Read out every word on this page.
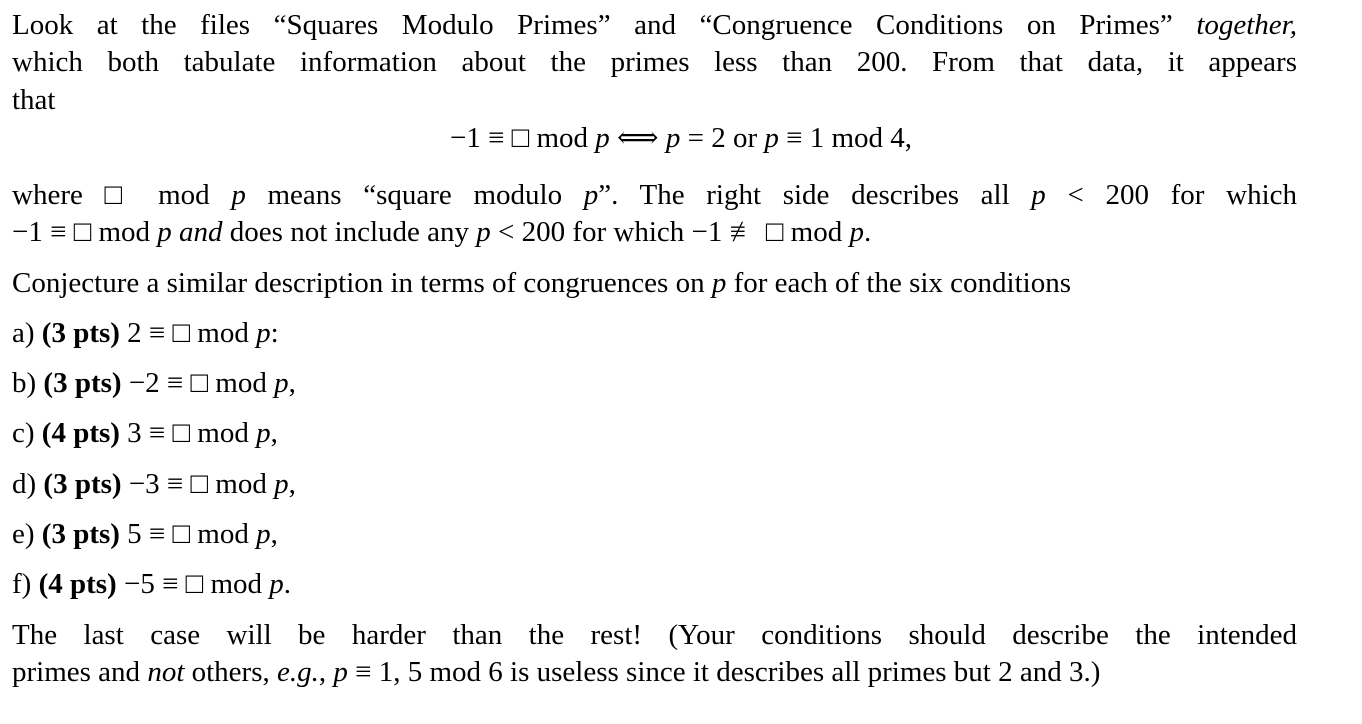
Look at the files “Squares Modulo Primes” and “Congruence Conditions on Primes” together,
which both tabulate information about the primes less than 200. From that data, it appears
that
−1 ≡ □ mod p ⟺ p = 2 or p ≡ 1 mod 4,
where □ mod p means “square modulo p”. The right side describes all p < 200 for which
−1 ≡ □ mod p and does not include any p < 200 for which −1 ≢ □ mod p.
Conjecture a similar description in terms of congruences on p for each of the six conditions
a) (3 pts) 2 ≡ □ mod p:
b) (3 pts) −2 ≡ □ mod p,
c) (4 pts) 3 ≡ □ mod p,
d) (3 pts) −3 ≡ □ mod p,
e) (3 pts) 5 ≡ □ mod p,
f) (4 pts) −5 ≡ □ mod p.
The last case will be harder than the rest! (Your conditions should describe the intended
primes and not others, e.g., p ≡ 1, 5 mod 6 is useless since it describes all primes but 2 and 3.)
